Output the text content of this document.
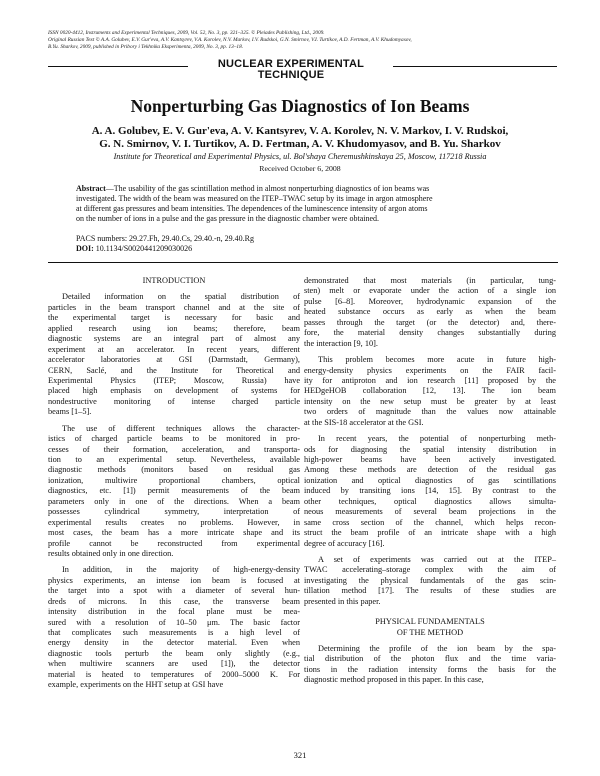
ISSN 0020-4412, Instruments and Experimental Techniques, 2009, Vol. 52, No. 3, pp. 321–325. © Pleiades Publishing, Ltd., 2009.
Original Russian Text © A.A. Golubev, E.V. Gur'eva, A.V. Kantsyrev, V.A. Korolev, N.V. Markov, I.V. Rudskoi, G.N. Smirnov, V.I. Turtikov, A.D. Fertman, A.V. Khudomyasov,
B.Yu. Sharkov, 2009, published in Pribory i Tekhnika Eksperimenta, 2009, No. 3, pp. 13–18.
NUCLEAR EXPERIMENTAL
TECHNIQUE
Nonperturbing Gas Diagnostics of Ion Beams
A. A. Golubev, E. V. Gur'eva, A. V. Kantsyrev, V. A. Korolev, N. V. Markov, I. V. Rudskoi,
G. N. Smirnov, V. I. Turtikov, A. D. Fertman, A. V. Khudomyasov, and B. Yu. Sharkov
Institute for Theoretical and Experimental Physics, ul. Bol'shaya Cheremushkinskaya 25, Moscow, 117218 Russia
Received October 6, 2008
Abstract—The usability of the gas scintillation method in almost nonperturbing diagnostics of ion beams was
investigated. The width of the beam was measured on the ITEP–TWAC setup by its image in argon atmosphere
at different gas pressures and beam intensities. The dependences of the luminescence intensity of argon atoms
on the number of ions in a pulse and the gas pressure in the diagnostic chamber were obtained.
PACS numbers: 29.27.Fh, 29.40.Cs, 29.40.-n, 29.40.Rg
DOI: 10.1134/S0020441209030026
INTRODUCTION
Detailed information on the spatial distribution of
particles in the beam transport channel and at the site of
the experimental target is necessary for basic and
applied research using ion beams; therefore, beam
diagnostic systems are an integral part of almost any
experiment at an accelerator. In recent years, different
accelerator laboratories at GSI (Darmstadt, Germany),
CERN, Saclé, and the Institute for Theoretical and
Experimental Physics (ITEP; Moscow, Russia) have
placed high emphasis on development of systems for
nondestructive monitoring of intense charged particle
beams [1–5].
The use of different techniques allows the character-
istics of charged particle beams to be monitored in pro-
cesses of their formation, acceleration, and transporta-
tion to an experimental setup. Nevertheless, available
diagnostic methods (monitors based on residual gas
ionization, multiwire proportional chambers, optical
diagnostics, etc. [1]) permit measurements of the beam
parameters only in one of the directions. When a beam
possesses cylindrical symmetry, interpretation of
experimental results creates no problems. However, in
most cases, the beam has a more intricate shape and its
profile cannot be reconstructed from experimental
results obtained only in one direction.
In addition, in the majority of high-energy-density
physics experiments, an intense ion beam is focused at
the target into a spot with a diameter of several hun-
dreds of microns. In this case, the transverse beam
intensity distribution in the focal plane must be mea-
sured with a resolution of 10–50 μm. The basic factor
that complicates such measurements is a high level of
energy density in the detector material. Even when
diagnostic tools perturb the beam only slightly (e.g.,
when multiwire scanners are used [1]), the detector
material is heated to temperatures of 2000–5000 K. For
example, experiments on the HHT setup at GSI have
demonstrated that most materials (in particular, tung-
sten) melt or evaporate under the action of a single ion
pulse [6–8]. Moreover, hydrodynamic expansion of the
heated substance occurs as early as when the beam
passes through the target (or the detector) and, there-
fore, the material density changes substantially during
the interaction [9, 10].
This problem becomes more acute in future high-
energy-density physics experiments on the FAIR facil-
ity for antiproton and ion research [11] proposed by the
HEDgeHOB collaboration [12, 13]. The ion beam
intensity on the new setup must be greater by at least
two orders of magnitude than the values now attainable
at the SIS-18 accelerator at the GSI.
In recent years, the potential of nonperturbing meth-
ods for diagnosing the spatial intensity distribution in
high-power beams have been actively investigated.
Among these methods are detection of the residual gas
ionization and optical diagnostics of gas scintillations
induced by transiting ions [14, 15]. By contrast to the
other techniques, optical diagnostics allows simulta-
neous measurements of several beam projections in the
same cross section of the channel, which helps recon-
struct the beam profile of an intricate shape with a high
degree of accuracy [16].
A set of experiments was carried out at the ITEP–
TWAC accelerating–storage complex with the aim of
investigating the physical fundamentals of the gas scin-
tillation method [17]. The results of these studies are
presented in this paper.
PHYSICAL FUNDAMENTALS
OF THE METHOD
Determining the profile of the ion beam by the spa-
tial distribution of the photon flux and the time varia-
tions in the radiation intensity forms the basis for the
diagnostic method proposed in this paper. In this case,
321
